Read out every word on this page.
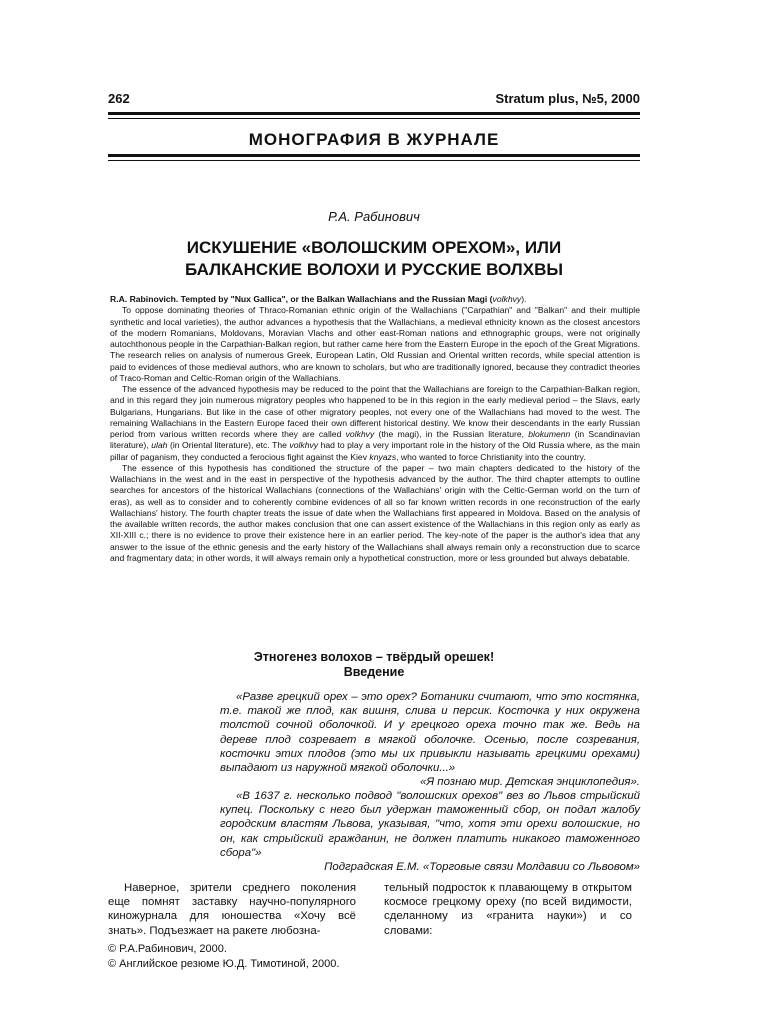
262	Stratum plus, №5, 2000
МОНОГРАФИЯ В ЖУРНАЛЕ
Р.А. Рабинович
ИСКУШЕНИЕ «ВОЛОШСКИМ ОРЕХОМ», ИЛИ
БАЛКАНСКИЕ ВОЛОХИ И РУССКИЕ ВОЛХВЫ

R.A. Rabinovich. Tempted by "Nux Gallica", or the Balkan Wallachians and the Russian Magi (volkhvy).

To oppose dominating theories of Thraco-Romanian ethnic origin of the Wallachians ("Carpathian" and "Balkan" and their multiple synthetic and local varieties), the author advances a hypothesis that the Wallachians, a medieval ethnicity known as the closest ancestors of the modern Romanians, Moldovans, Moravian Vlachs and other east-Roman nations and ethnographic groups, were not originally autochthonous people in the Carpathian-Balkan region, but rather came here from the Eastern Europe in the epoch of the Great Migrations. The research relies on analysis of numerous Greek, European Latin, Old Russian and Oriental written records, while special attention is paid to evidences of those medieval authors, who are known to scholars, but who are traditionally ignored, because they contradict theories of Traco-Roman and Celtic-Roman origin of the Wallachians.

The essence of the advanced hypothesis may be reduced to the point that the Wallachians are foreign to the Carpathian-Balkan region, and in this regard they join numerous migratory peoples who happened to be in this region in the early medieval period – the Slavs, early Bulgarians, Hungarians. But like in the case of other migratory peoples, not every one of the Wallachians had moved to the west. The remaining Wallachians in the Eastern Europe faced their own different historical destiny. We know their descendants in the early Russian period from various written records where they are called volkhvy (the magi), in the Russian literature, blokumenn (in Scandinavian literature), ulah (in Oriental literature), etc. The volkhvy had to play a very important role in the history of the Old Russia where, as the main pillar of paganism, they conducted a ferocious fight against the Kiev knyazs, who wanted to force Christianity into the country.

The essence of this hypothesis has conditioned the structure of the paper – two main chapters dedicated to the history of the Wallachians in the west and in the east in perspective of the hypothesis advanced by the author. The third chapter attempts to outline searches for ancestors of the historical Wallachians (connections of the Wallachians' origin with the Celtic-German world on the turn of eras), as well as to consider and to coherently combine evidences of all so far known written records in one reconstruction of the early Wallachians' history. The fourth chapter treats the issue of date when the Wallachians first appeared in Moldova. Based on the analysis of the available written records, the author makes conclusion that one can assert existence of the Wallachians in this region only as early as XII-XIII c.; there is no evidence to prove their existence here in an earlier period. The key-note of the paper is the author's idea that any answer to the issue of the ethnic genesis and the early history of the Wallachians shall always remain only a reconstruction due to scarce and fragmentary data; in other words, it will always remain only a hypothetical construction, more or less grounded but always debatable.

Этногенез волохов – твёрдый орешек!
Введение

«Разве грецкий орех – это орех? Ботаники считают, что это костянка, т.е. такой же плод, как вишня, слива и персик. Косточка у них окружена толстой сочной оболочкой. И у грецкого ореха точно так же. Ведь на дереве плод созревает в мягкой оболочке. Осенью, после созревания, косточки этих плодов (это мы их привыкли называть грецкими орехами) выпадают из наружной мягкой оболочки...»

«Я познаю мир. Детская энциклопедия».

«В 1637 г. несколько подвод "волошских орехов" вез во Львов стрыйский купец. Поскольку с него был удержан таможенный сбор, он подал жалобу городским властям Львова, указывая, "что, хотя эти орехи волошские, но он, как стрыйский гражданин, не должен платить никакого таможенного сбора"»

Подградская Е.М. «Торговые связи Молдавии со Львовом»
Наверное, зрители среднего поколения еще помнят заставку научно-популярного киножурнала для юношества «Хочу всё знать». Подъезжает на ракете любозна-
тельный подросток к плавающему в открытом космосе грецкому ореху (по всей видимости, сделанному из «гранита науки») и со словами:
© Р.А.Рабинович, 2000.
© Английское резюме Ю.Д. Тимотиной, 2000.
